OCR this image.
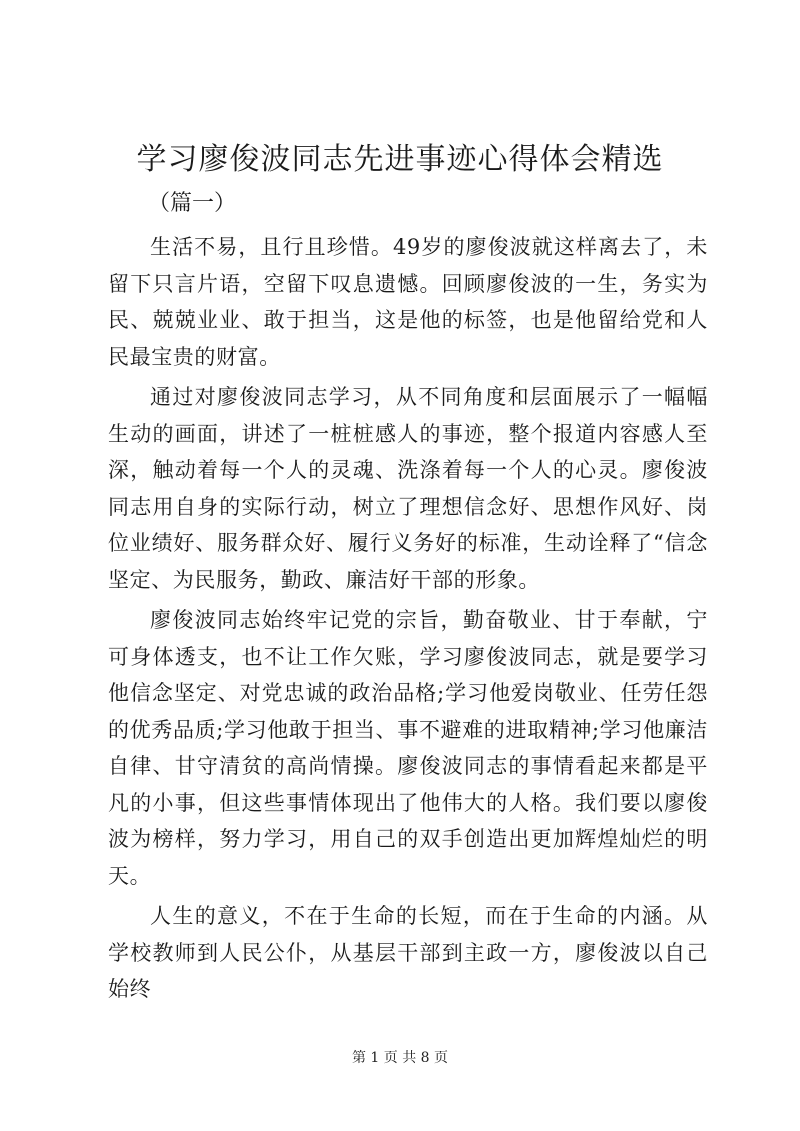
学习廖俊波同志先进事迹心得体会精选

（篇一）

生活不易，且行且珍惜。49岁的廖俊波就这样离去了，未留下只言片语，空留下叹息遗憾。回顾廖俊波的一生，务实为民、兢兢业业、敢于担当，这是他的标签，也是他留给党和人民最宝贵的财富。

通过对廖俊波同志学习，从不同角度和层面展示了一幅幅生动的画面，讲述了一桩桩感人的事迹，整个报道内容感人至深，触动着每一个人的灵魂、洗涤着每一个人的心灵。廖俊波同志用自身的实际行动，树立了理想信念好、思想作风好、岗位业绩好、服务群众好、履行义务好的标准，生动诠释了“信念坚定、为民服务，勤政、廉洁好干部的形象。

廖俊波同志始终牢记党的宗旨，勤奋敬业、甘于奉献，宁可身体透支，也不让工作欠账，学习廖俊波同志，就是要学习他信念坚定、对党忠诚的政治品格;学习他爱岗敬业、任劳任怨的优秀品质;学习他敢于担当、事不避难的进取精神;学习他廉洁自律、甘守清贫的高尚情操。廖俊波同志的事情看起来都是平凡的小事，但这些事情体现出了他伟大的人格。我们要以廖俊波为榜样，努力学习，用自己的双手创造出更加辉煌灿烂的明天。

人生的意义，不在于生命的长短，而在于生命的内涵。从学校教师到人民公仆，从基层干部到主政一方，廖俊波以自己始终

第 1 页 共 8 页
